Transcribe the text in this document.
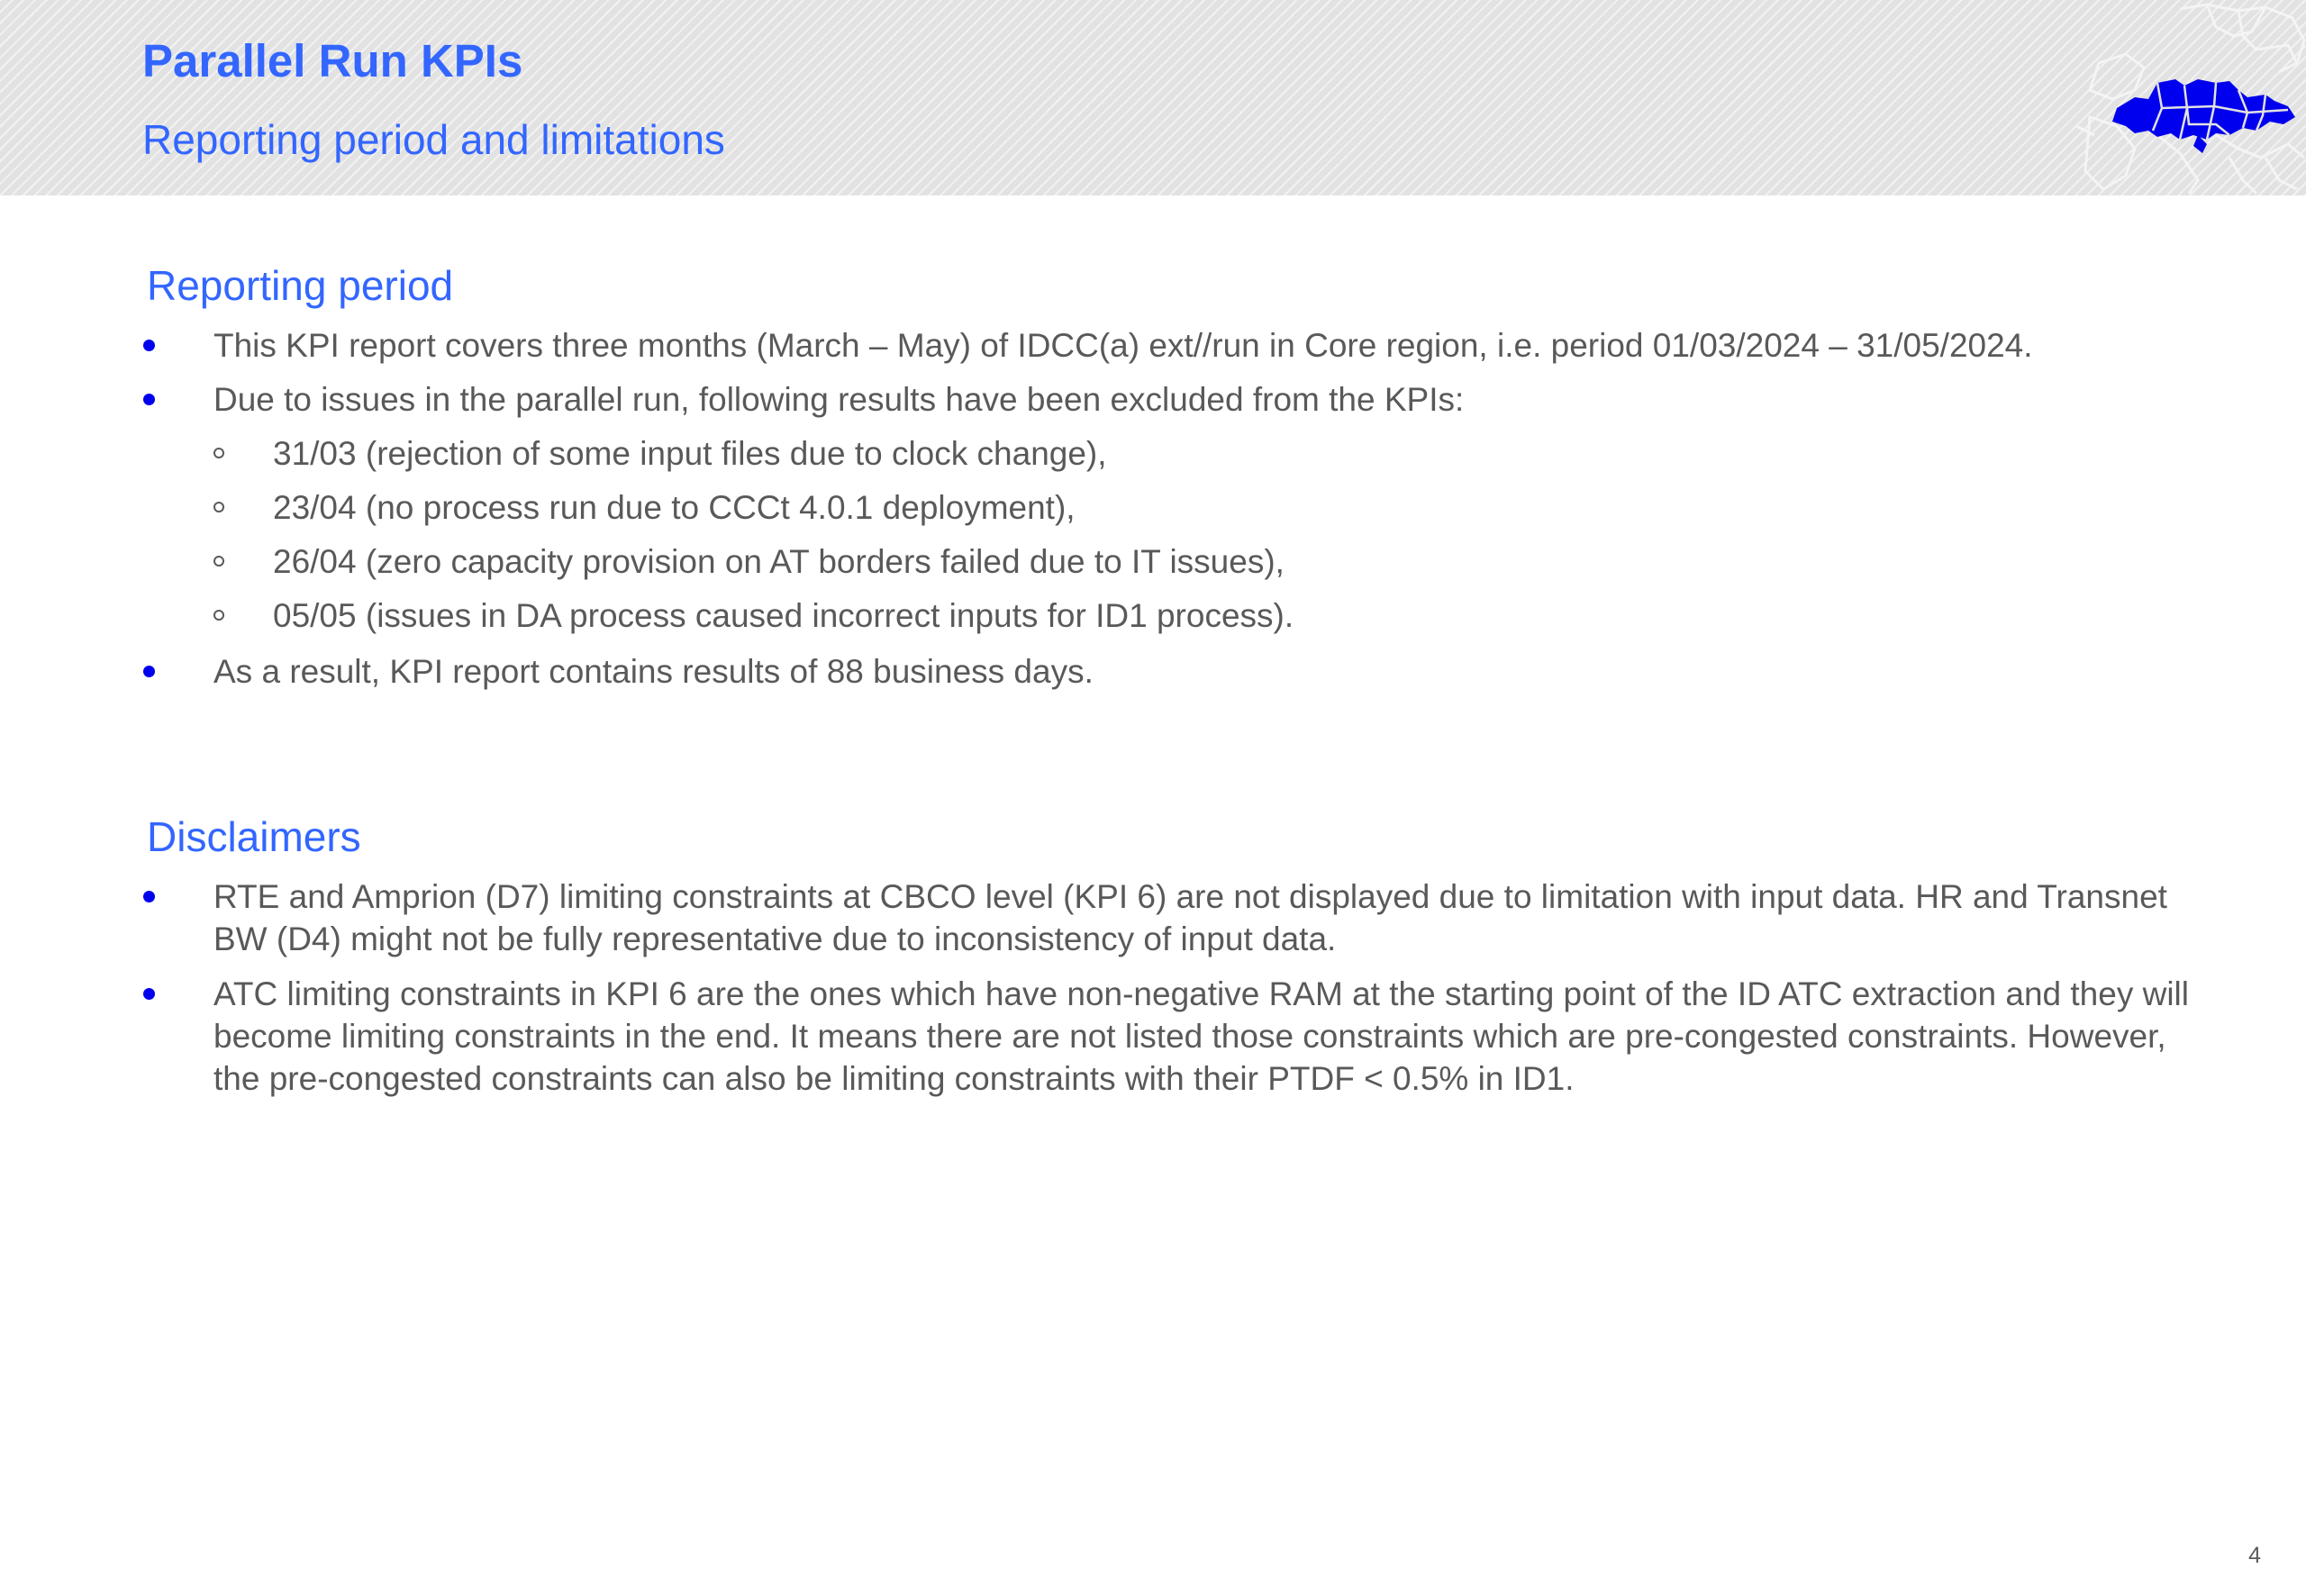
Parallel Run KPIs
Reporting period and limitations
Reporting period
This KPI report covers three months (March – May) of IDCC(a) ext//run in Core region, i.e. period 01/03/2024 – 31/05/2024.
Due to issues in the parallel run, following results have been excluded from the KPIs:
31/03 (rejection of some input files due to clock change),
23/04 (no process run due to CCCt 4.0.1 deployment),
26/04 (zero capacity provision on AT borders failed due to IT issues),
05/05 (issues in DA process caused incorrect inputs for ID1 process).
As a result, KPI report contains results of 88 business days.
Disclaimers
RTE and Amprion (D7) limiting constraints at CBCO level (KPI 6) are not displayed due to limitation with input data. HR and Transnet BW (D4) might not be fully representative due to inconsistency of input data.
ATC limiting constraints in KPI 6 are the ones which have non-negative RAM at the starting point of the ID ATC extraction and they will become limiting constraints in the end. It means there are not listed those constraints which are pre-congested constraints. However, the pre-congested constraints can also be limiting constraints with their PTDF < 0.5% in ID1.
4
